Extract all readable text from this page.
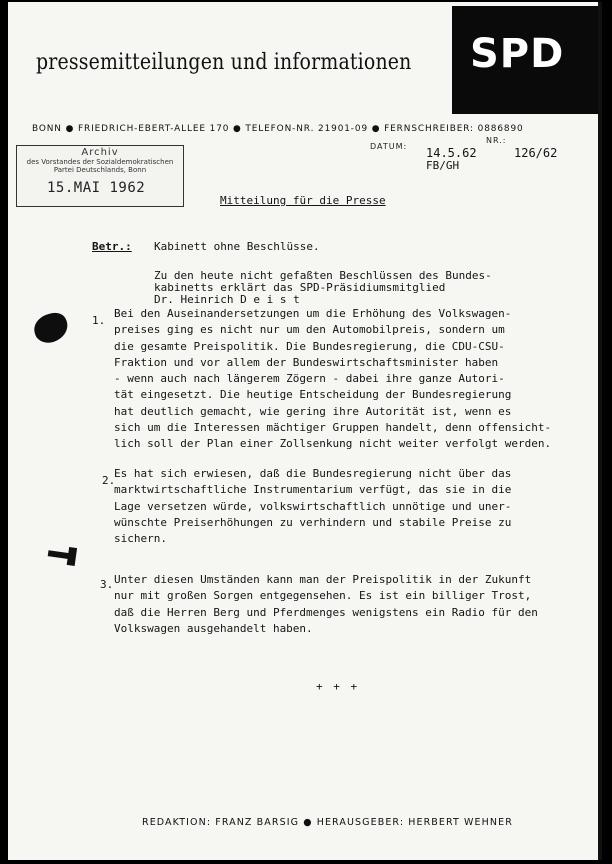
pressemitteilungen und informationen SPD
BONN ● FRIEDRICH-EBERT-ALLEE 170 ● TELEFON-NR. 21901-09 ● FERNSCHREIBER: 0886890
Archiv
des Vorstandes der Sozialdemokratischen
Partei Deutschlands, Bonn
15.MAI 1962
DATUM: 14.5.62
FB/GH
NR.:
126/62
Mitteilung für die Presse
Betr.: Kabinett ohne Beschlüsse.
Zu den heute nicht gefaßten Beschlüssen des Bundes-
kabinetts erklärt das SPD-Präsidiumsmitglied
Dr. Heinrich D e i s t
1.
Bei den Auseinandersetzungen um die Erhöhung des Volkswagen-
preises ging es nicht nur um den Automobilpreis, sondern um
die gesamte Preispolitik. Die Bundesregierung, die CDU-CSU-
Fraktion und vor allem der Bundeswirtschaftsminister haben
- wenn auch nach längerem Zögern - dabei ihre ganze Autori-
tät eingesetzt. Die heutige Entscheidung der Bundesregierung
hat deutlich gemacht, wie gering ihre Autorität ist, wenn es
sich um die Interessen mächtiger Gruppen handelt, denn offensicht-
lich soll der Plan einer Zollsenkung nicht weiter verfolgt werden.
2.
Es hat sich erwiesen, daß die Bundesregierung nicht über das
marktwirtschaftliche Instrumentarium verfügt, das sie in die
Lage versetzen würde, volkswirtschaftlich unnötige und uner-
wünschte Preiserhöhungen zu verhindern und stabile Preise zu
sichern.
3. Unter diesen Umständen kann man der Preispolitik in der Zukunft
nur mit großen Sorgen entgegensehen. Es ist ein billiger Trost,
daß die Herren Berg und Pferdmenges wenigstens ein Radio für den
Volkswagen ausgehandelt haben.
+ + +
REDAKTION: FRANZ BARSIG ● HERAUSGEBER: HERBERT WEHNER
